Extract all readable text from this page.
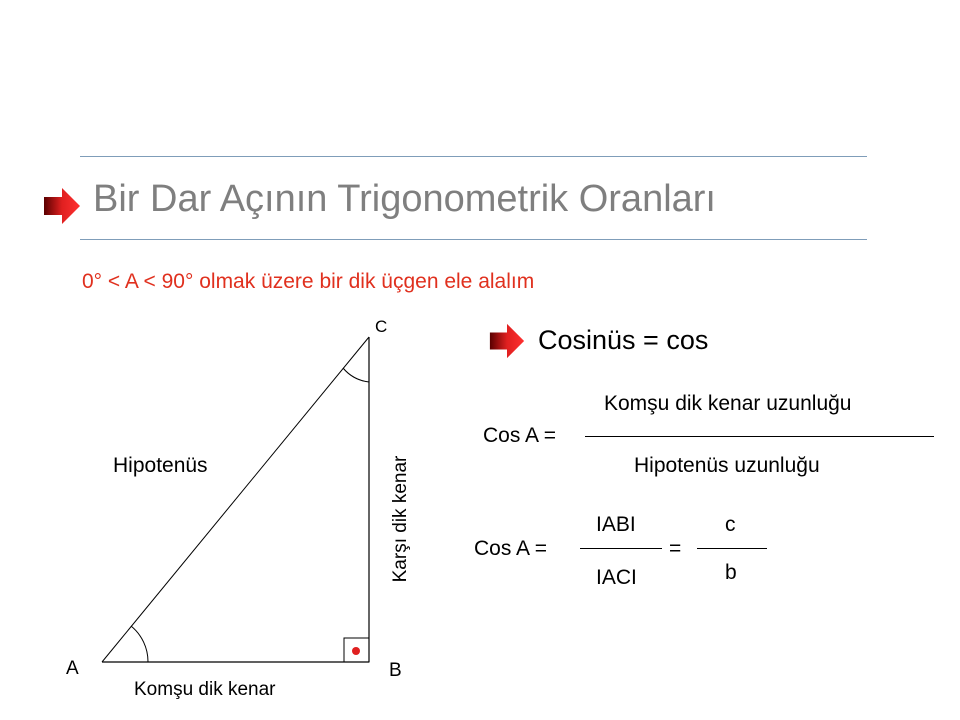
Bir Dar Açının Trigonometrik Oranları
0° < A < 90° olmak üzere bir dik üçgen ele alalım
A	B
C
Hipotenüs
Komşu dik kenar
Karşı dik kenar
Cosinüs = cos
Cos A =
Komşu dik kenar uzunluğu
Hipotenüs uzunluğu
Cos A =
IABI
IACI
=
c
b
